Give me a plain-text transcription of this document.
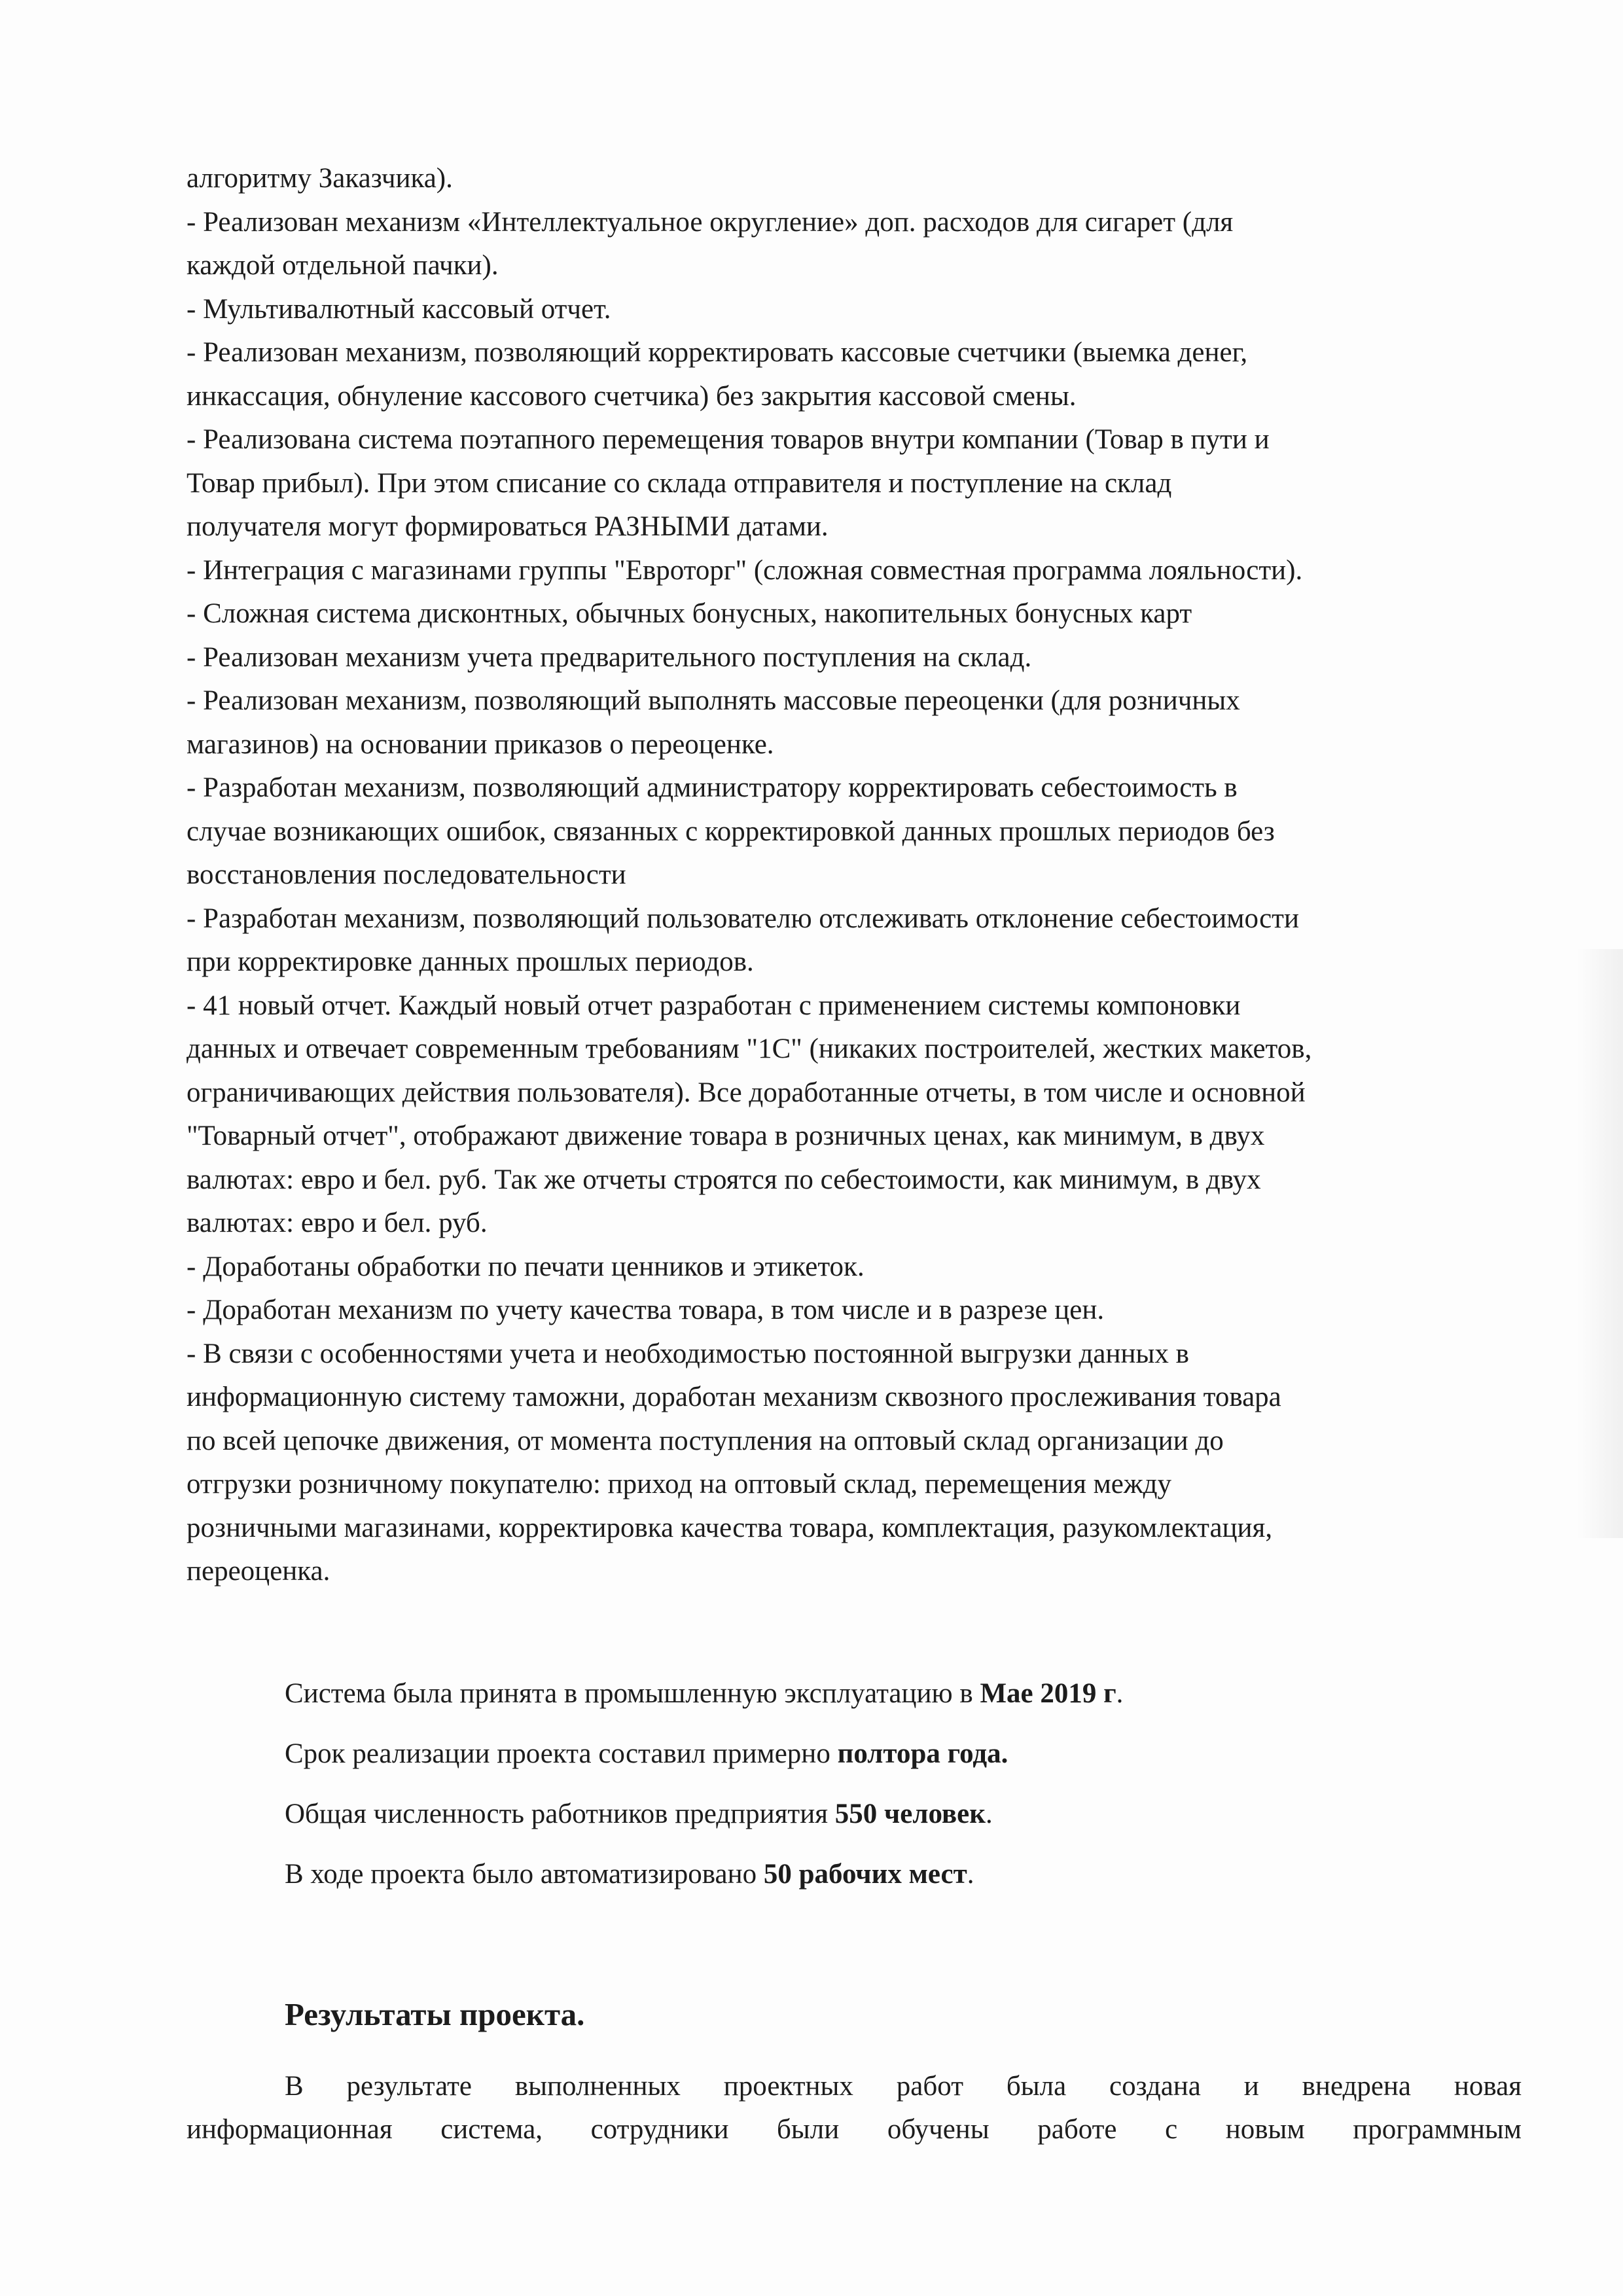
алгоритму Заказчика).
- Реализован механизм «Интеллектуальное округление» доп. расходов для сигарет (для
каждой отдельной пачки).
- Мультивалютный кассовый отчет.
- Реализован механизм, позволяющий корректировать кассовые счетчики (выемка денег,
инкассация, обнуление кассового счетчика) без закрытия кассовой смены.
- Реализована система поэтапного перемещения товаров внутри компании (Товар в пути и
Товар прибыл). При этом списание со склада отправителя и поступление на склад
получателя могут формироваться РАЗНЫМИ датами.
- Интеграция с магазинами группы "Евроторг" (сложная совместная программа лояльности).
- Сложная система дисконтных, обычных бонусных, накопительных бонусных карт
- Реализован механизм учета предварительного поступления на склад.
- Реализован механизм, позволяющий выполнять массовые переоценки (для розничных
магазинов) на основании приказов о переоценке.
- Разработан механизм, позволяющий администратору корректировать себестоимость в
случае возникающих ошибок, связанных с корректировкой данных прошлых периодов без
восстановления последовательности
- Разработан механизм, позволяющий пользователю отслеживать отклонение себестоимости
при корректировке данных прошлых периодов.
- 41 новый отчет. Каждый новый отчет разработан с применением системы компоновки
данных и отвечает современным требованиям "1С" (никаких построителей, жестких макетов,
ограничивающих действия пользователя). Все доработанные отчеты, в том числе и основной
"Товарный отчет", отображают движение товара в розничных ценах, как минимум, в двух
валютах: евро и бел. руб. Так же отчеты строятся по себестоимости, как минимум, в двух
валютах: евро и бел. руб.
- Доработаны обработки по печати ценников и этикеток.
- Доработан механизм по учету качества товара, в том числе и в разрезе цен.
- В связи с особенностями учета и необходимостью постоянной выгрузки данных в
информационную систему таможни, доработан механизм сквозного прослеживания товара
по всей цепочке движения, от момента поступления на оптовый склад организации до
отгрузки розничному покупателю: приход на оптовый склад, перемещения между
розничными магазинами, корректировка качества товара, комплектация, разукомлектация,
переоценка.
Система была принята в промышленную эксплуатацию в Мае 2019 г.
Срок реализации проекта составил примерно полтора года.
Общая численность работников предприятия 550 человек.
В ходе проекта было автоматизировано 50 рабочих мест.
Результаты проекта.
В результате выполненных проектных работ была создана и внедрена новая
информационная система, сотрудники были обучены работе с новым программным
